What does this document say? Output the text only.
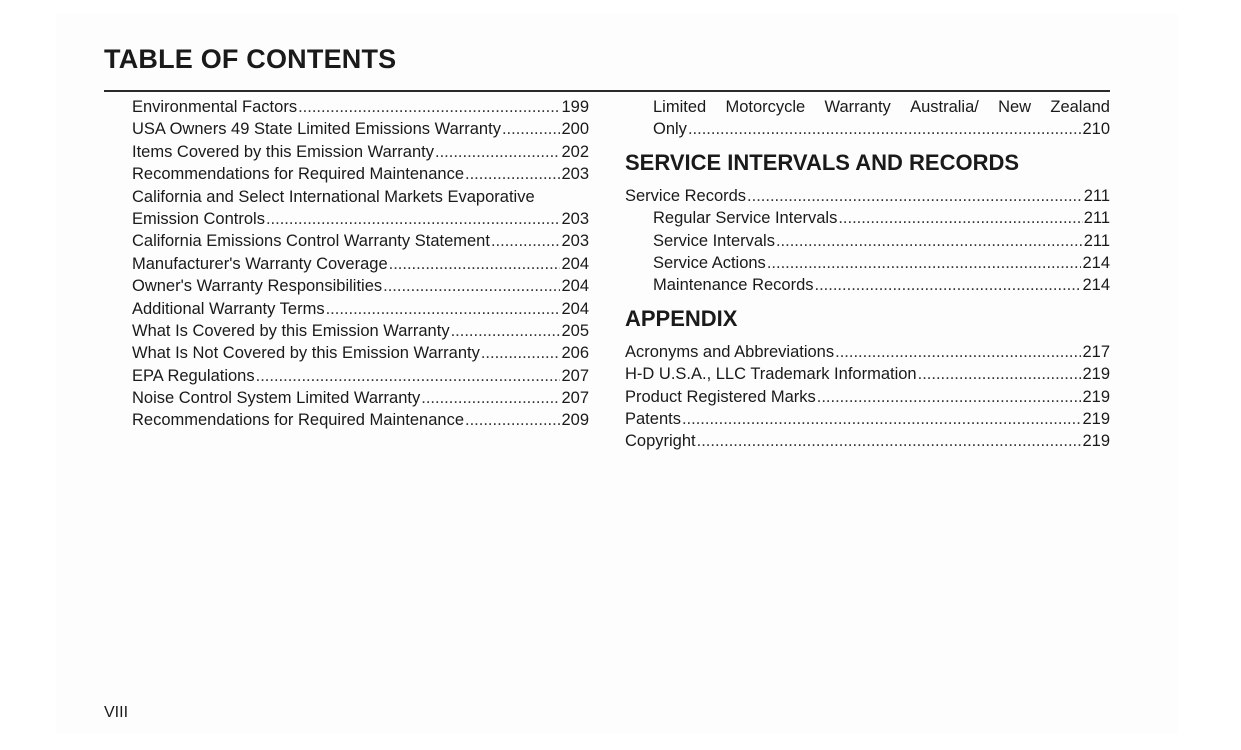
TABLE OF CONTENTS
Environmental Factors .....	199
USA Owners 49 State Limited Emissions Warranty .....	200
Items Covered by this Emission Warranty .....	202
Recommendations for Required Maintenance .....	203
California and Select International Markets Evaporative
Emission Controls .....	203
California Emissions Control Warranty Statement .....	203
Manufacturer's Warranty Coverage .....	204
Owner's Warranty Responsibilities .....	204
Additional Warranty Terms .....	204
What Is Covered by this Emission Warranty .....	205
What Is Not Covered by this Emission Warranty .....	206
EPA Regulations .....	207
Noise Control System Limited Warranty .....	207
Recommendations for Required Maintenance .....	209
Limited Motorcycle Warranty Australia/ New Zealand
Only .....	210
SERVICE INTERVALS AND RECORDS
Service Records .....	211
Regular Service Intervals .....	211
Service Intervals .....	211
Service Actions .....	214
Maintenance Records .....	214
APPENDIX
Acronyms and Abbreviations .....	217
H-D U.S.A., LLC Trademark Information .....	219
Product Registered Marks .....	219
Patents .....	219
Copyright .....	219
VIII
